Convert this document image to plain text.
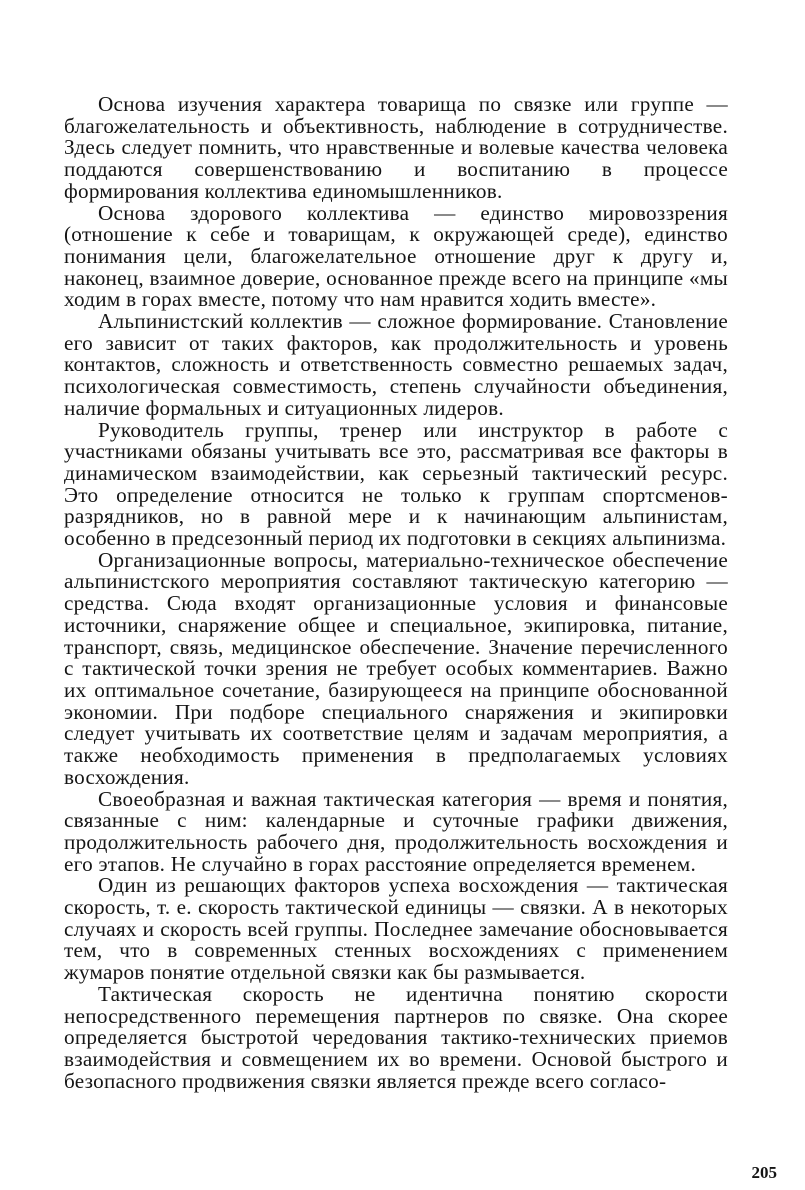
Основа изучения характера товарища по связке или группе — благожелательность и объективность, наблюдение в сотрудничестве. Здесь следует помнить, что нравственные и волевые качества человека поддаются совершенствованию и воспитанию в процессе формирования коллектива единомышленников.

Основа здорового коллектива — единство мировоззрения (отношение к себе и товарищам, к окружающей среде), единство понимания цели, благожелательное отношение друг к другу и, наконец, взаимное доверие, основанное прежде всего на принципе «мы ходим в горах вместе, потому что нам нравится ходить вместе».

Альпинистский коллектив — сложное формирование. Становление его зависит от таких факторов, как продолжительность и уровень контактов, сложность и ответственность совместно решаемых задач, психологическая совместимость, степень случайности объединения, наличие формальных и ситуационных лидеров.

Руководитель группы, тренер или инструктор в работе с участниками обязаны учитывать все это, рассматривая все факторы в динамическом взаимодействии, как серьезный тактический ресурс. Это определение относится не только к группам спортсменов-разрядников, но в равной мере и к начинающим альпинистам, особенно в предсезонный период их подготовки в секциях альпинизма.

Организационные вопросы, материально-техническое обеспечение альпинистского мероприятия составляют тактическую категорию — средства. Сюда входят организационные условия и финансовые источники, снаряжение общее и специальное, экипировка, питание, транспорт, связь, медицинское обеспечение. Значение перечисленного с тактической точки зрения не требует особых комментариев. Важно их оптимальное сочетание, базирующееся на принципе обоснованной экономии. При подборе специального снаряжения и экипировки следует учитывать их соответствие целям и задачам мероприятия, а также необходимость применения в предполагаемых условиях восхождения.

Своеобразная и важная тактическая категория — время и понятия, связанные с ним: календарные и суточные графики движения, продолжительность рабочего дня, продолжительность восхождения и его этапов. Не случайно в горах расстояние определяется временем.

Один из решающих факторов успеха восхождения — тактическая скорость, т. е. скорость тактической единицы — связки. А в некоторых случаях и скорость всей группы. Последнее замечание обосновывается тем, что в современных стенных восхождениях с применением жумаров понятие отдельной связки как бы размывается.

Тактическая скорость не идентична понятию скорости непосредственного перемещения партнеров по связке. Она скорее определяется быстротой чередования тактико-технических приемов взаимодействия и совмещением их во времени. Основой быстрого и безопасного продвижения связки является прежде всего согласо-

205
